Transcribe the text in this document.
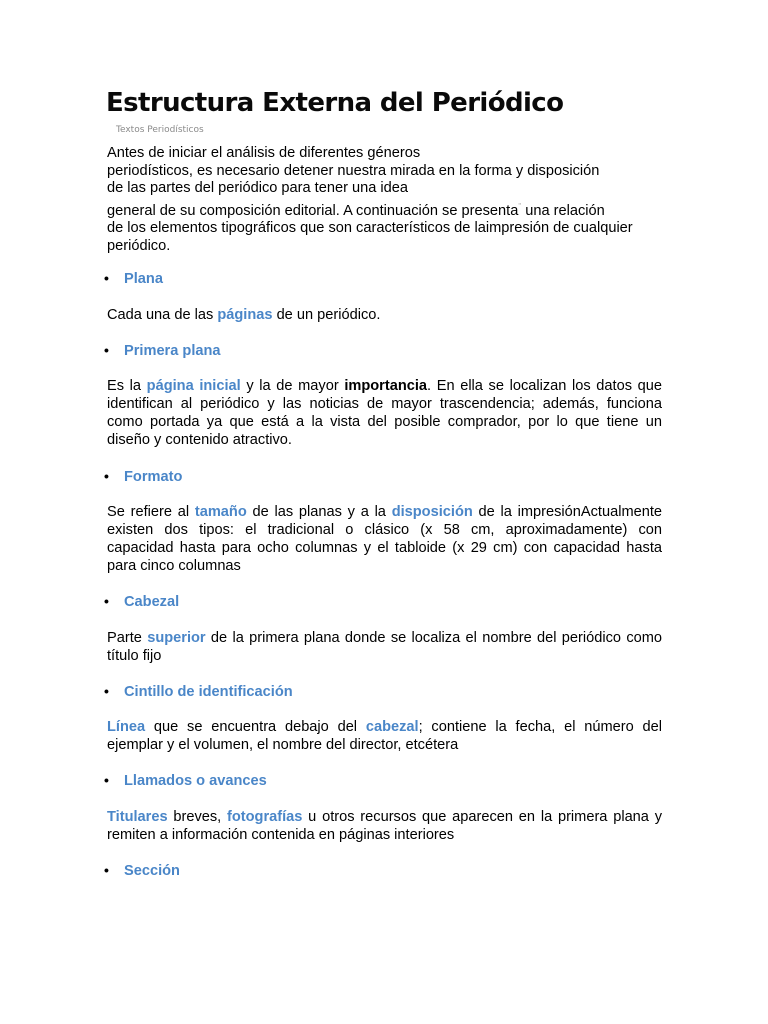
Estructura Externa del Periódico
Textos Periodísticos
Antes de iniciar el análisis de diferentes géneros
periodísticos, es necesario detener nuestra mirada en la forma y disposición
de las partes del periódico para tener una idea
general de su composición editorial. A continuación se presenta" una relación
de los elementos tipográficos que son característicos de laimpresión de cualquier
periódico.
• Plana
Cada una de las páginas de un periódico.
• Primera plana
Es la página inicial y la de mayor importancia. En ella se localizan los datos que
identifican al periódico y las noticias de mayor trascendencia; además, funciona
como portada ya que está a la vista del posible comprador, por lo que tiene un
diseño y contenido atractivo.
• Formato
Se refiere al tamaño de las planas y a la disposición de la impresiónActualmente
existen dos tipos: el tradicional o clásico (x 58 cm, aproximadamente) con
capacidad hasta para ocho columnas y el tabloide (x 29 cm) con capacidad hasta
para cinco columnas
• Cabezal
Parte superior de la primera plana donde se localiza el nombre del periódico como
título fijo
• Cintillo de identificación
Línea que se encuentra debajo del cabezal; contiene la fecha, el número del
ejemplar y el volumen, el nombre del director, etcétera
• Llamados o avances
Titulares breves, fotografías u otros recursos que aparecen en la primera plana y
remiten a información contenida en páginas interiores
• Sección
